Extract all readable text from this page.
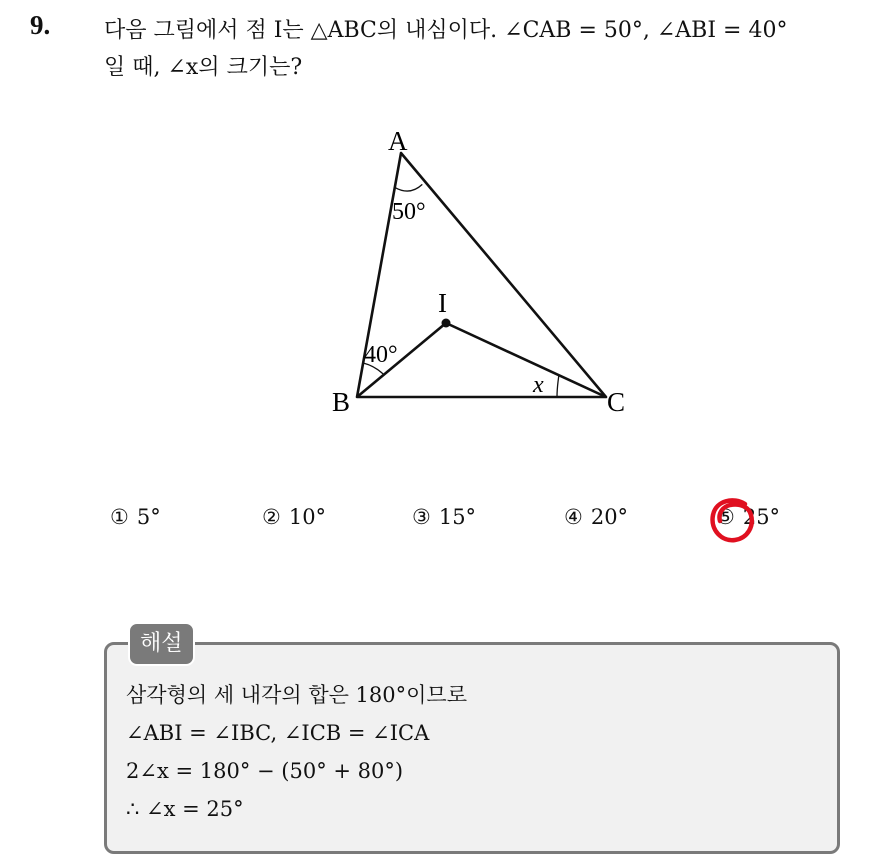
9. 다음 그림에서 점 I는 △ABC의 내심이다. ∠CAB = 50°, ∠ABI = 40°
일 때, ∠x의 크기는?
A
B	C
I
50°
40°
x
① 5°	② 10°	③ 15°	④ 20°	⑤ 25°
해설
삼각형의 세 내각의 합은 180°이므로
∠ABI = ∠IBC, ∠ICB = ∠ICA
2∠x = 180° − (50° + 80°)
∴ ∠x = 25°
